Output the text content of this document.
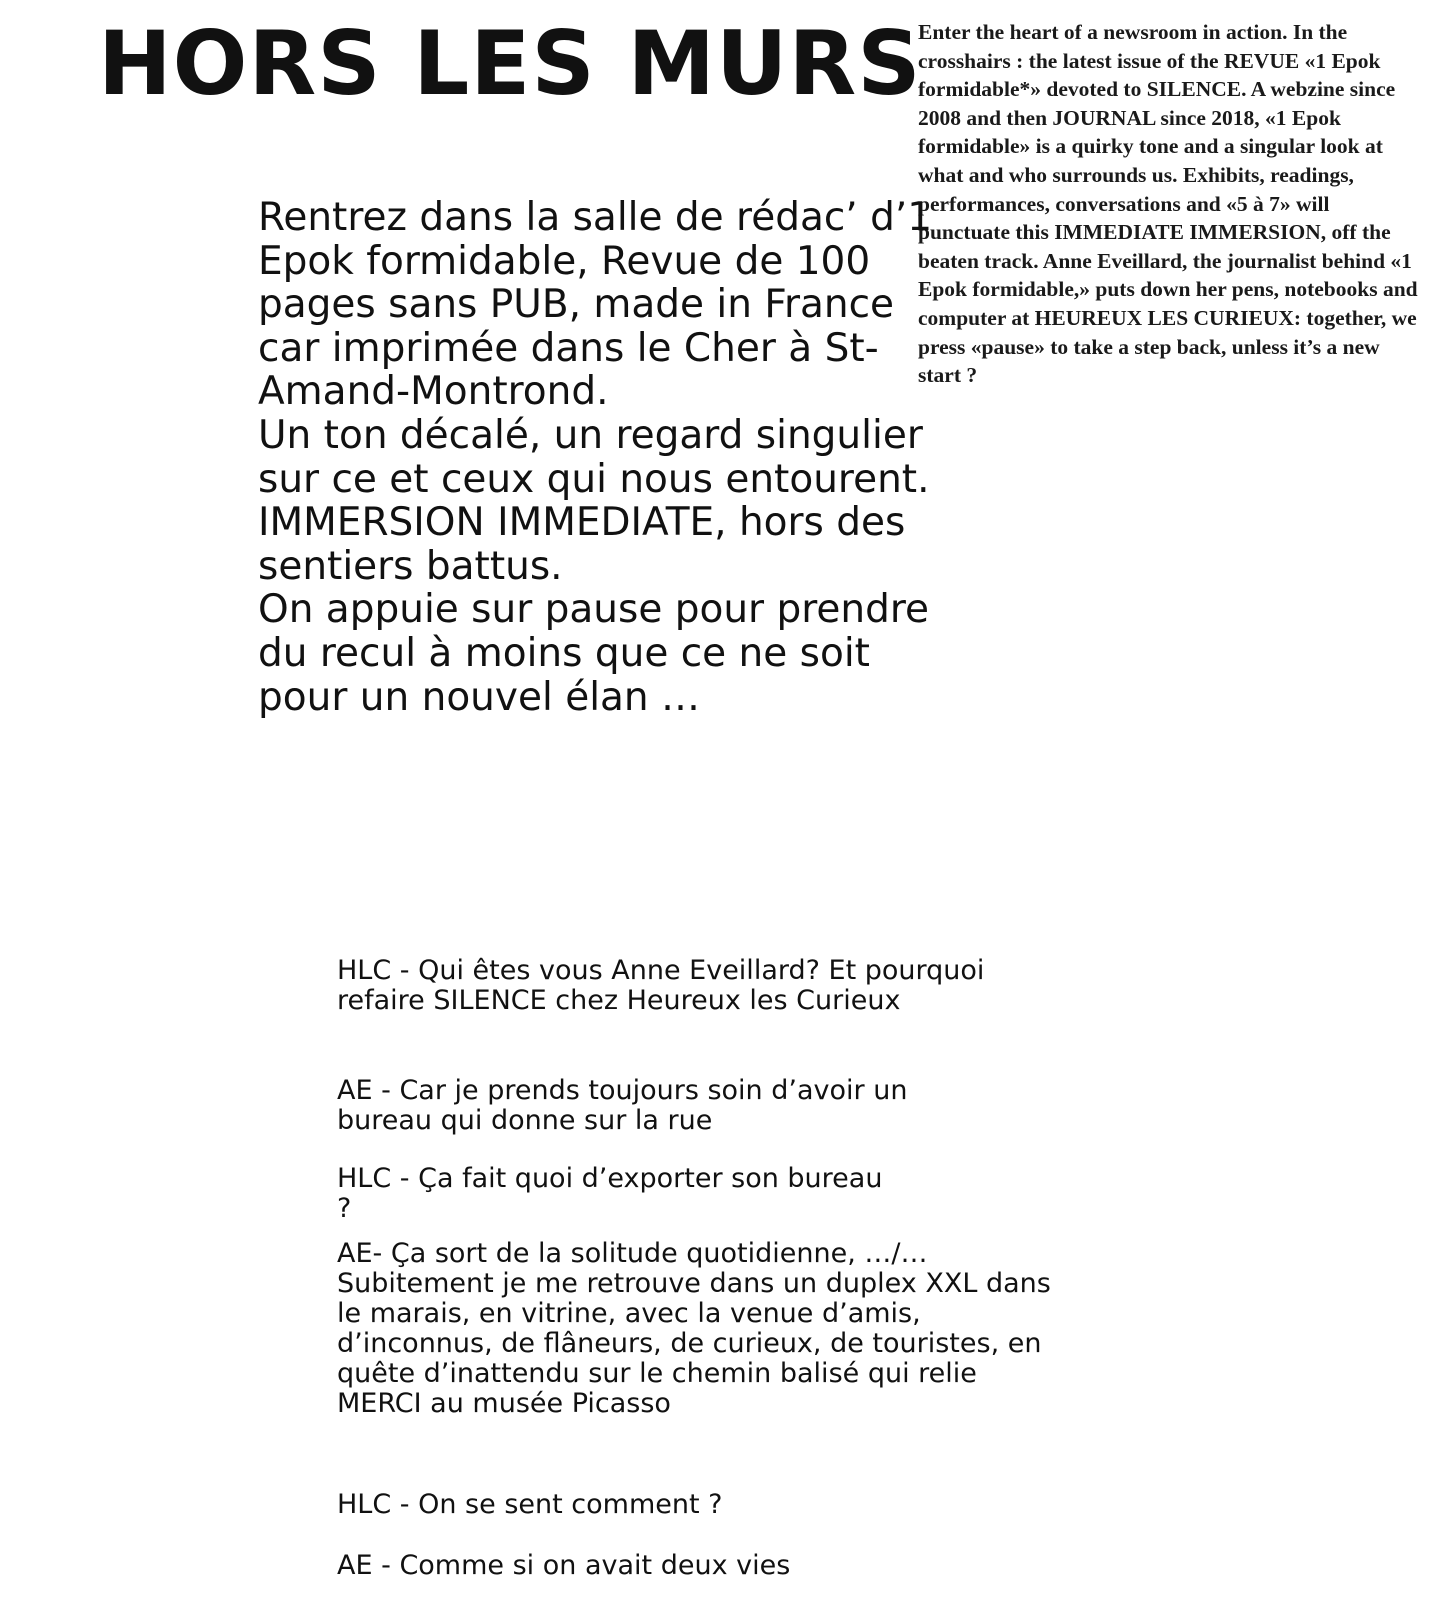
HORS LES MURS

Enter the heart of a newsroom in action. In the crosshairs : the latest issue of the REVUE «1 Epok formidable*» devoted to SILENCE. A webzine since 2008 and then JOURNAL since 2018, «1 Epok formidable» is a quirky tone and a singular look at what and who surrounds us. Exhibits, readings, performances, conversations and «5 à 7» will punctuate this IMMEDIATE IMMERSION, off the beaten track. Anne Eveillard, the journalist behind «1 Epok formidable,» puts down her pens, notebooks and computer at HEUREUX LES CURIEUX: together, we press «pause» to take a step back, unless it’s a new start ?

Rentrez dans la salle de rédac’ d’1 Epok formidable, Revue de 100 pages sans PUB, made in France car imprimée dans le Cher à St-Amand-Montrond.
Un ton décalé, un regard singulier sur ce et ceux qui nous entourent. IMMERSION IMMEDIATE, hors des sentiers battus.
On appuie sur pause pour prendre du recul à moins que ce ne soit pour un nouvel élan …
HLC - Qui êtes vous Anne Eveillard? Et pourquoi refaire SILENCE chez Heureux les Curieux
AE - Car je prends toujours soin d’avoir un bureau qui donne sur la rue
HLC - Ça fait quoi d’exporter son bureau ?
AE- Ça sort de la solitude quotidienne, …/… Subitement je me retrouve dans un duplex XXL dans le marais, en vitrine, avec la venue d’amis, d’inconnus, de flâneurs, de curieux, de touristes, en quête d’inattendu sur le chemin balisé qui relie MERCI au musée Picasso
HLC - On se sent comment ?
AE - Comme si on avait deux vies
